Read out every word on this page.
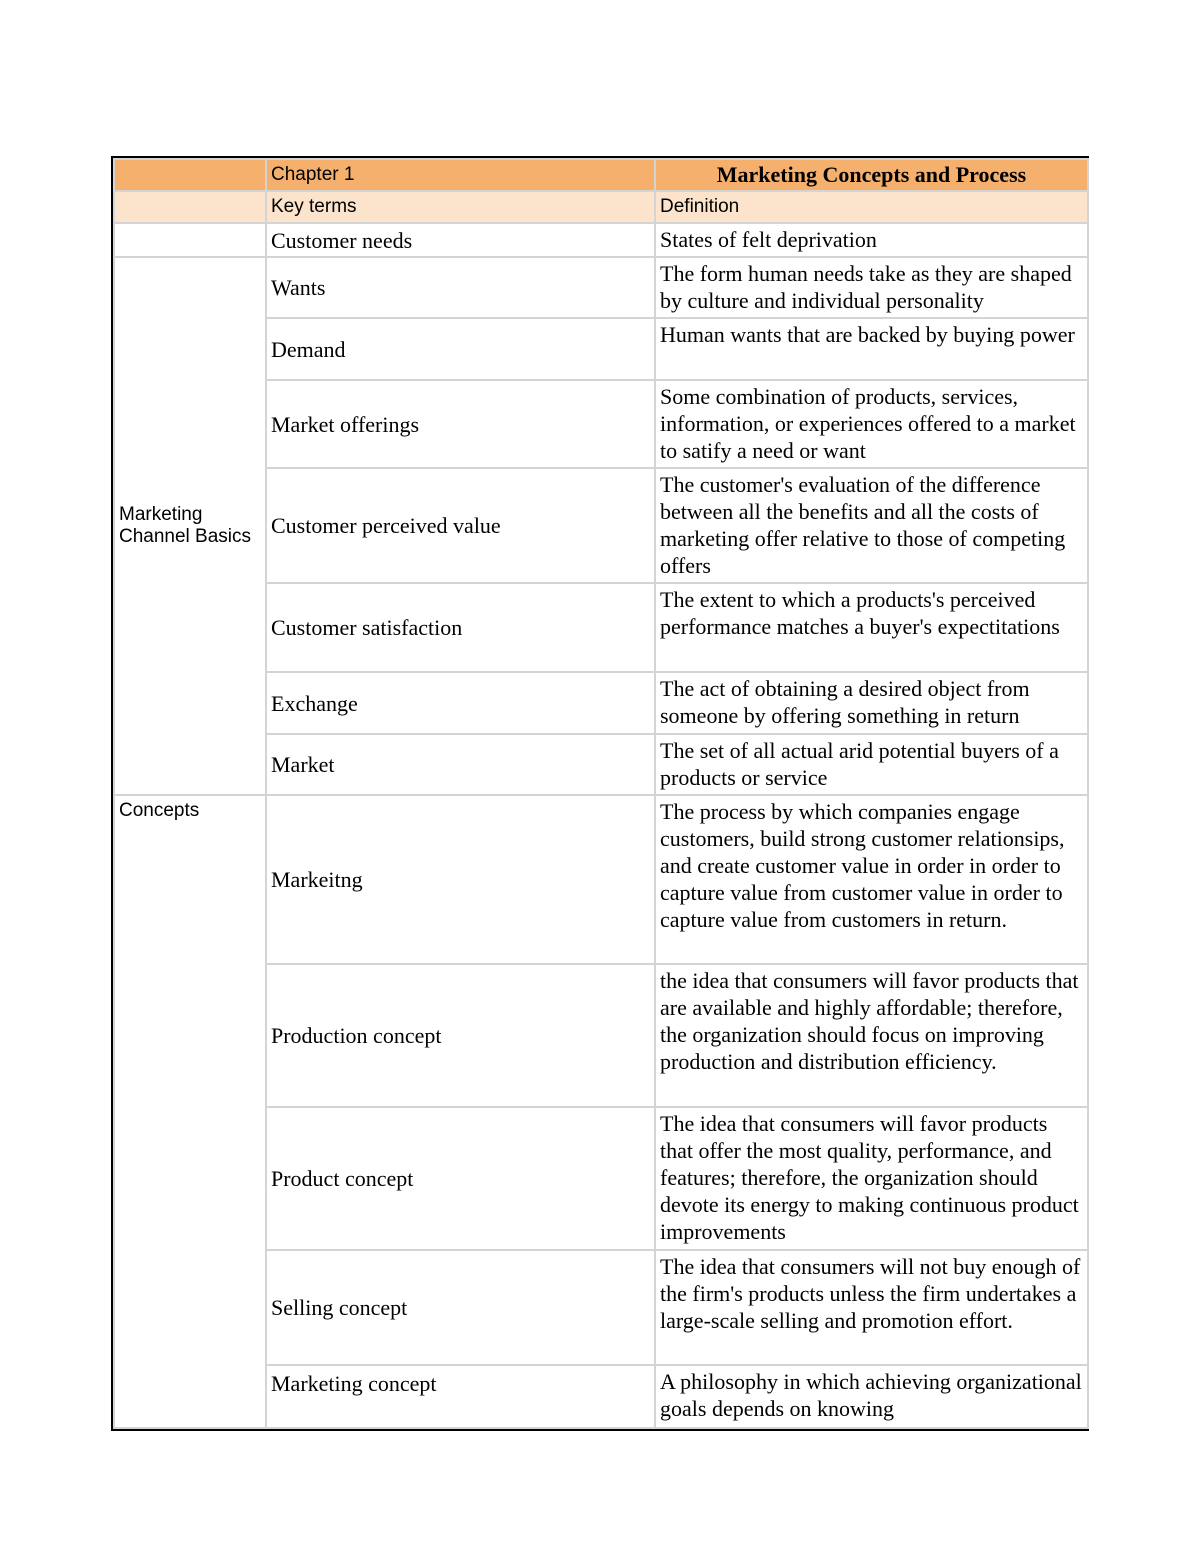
	Chapter 1	Marketing Concepts and Process
	Key terms	Definition
	Customer needs	States of felt deprivation
Marketing Channel Basics	Wants	The form human needs take as they are shaped by culture and individual personality
	Demand	Human wants that are backed by buying power
	Market offerings	Some combination of products, services, information, or experiences offered to a market to satify a need or want
	Customer perceived value	The customer's evaluation of the difference between all the benefits and all the costs of marketing offer relative to those of competing offers
	Customer satisfaction	The extent to which a products's perceived performance matches a buyer's expectitations
	Exchange	The act of obtaining a desired object from someone by offering something in return
	Market	The set of all actual arid potential buyers of a products or service
Concepts	Markeitng	The process by which companies engage customers, build strong customer relationsips, and create customer value in order in order to capture value from customer value in order to capture value from customers in return.
	Production concept	the idea that consumers will favor products that are available and highly affordable; therefore, the organization should focus on improving production and distribution efficiency.
	Product concept	The idea that consumers will favor products that offer the most quality, performance, and features; therefore, the organization should devote its energy to making continuous product improvements
	Selling concept	The idea that consumers will not buy enough of the firm's products unless the firm undertakes a large-scale selling and promotion effort.
	Marketing concept	A philosophy in which achieving organizational goals depends on knowing
